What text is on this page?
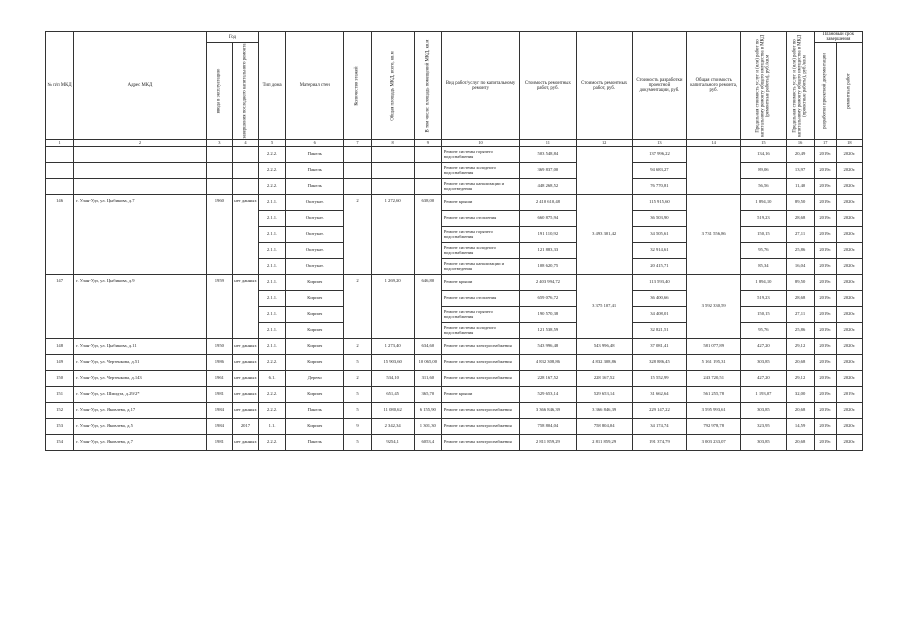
№ п/п МКД	Адрес МКД	Год		Тип дома	Материал стен	Количество этажей	Общая площадь МКД, всего, кв.м	В том числе: площадь помещений МКД, кв.м	Вид работ/услуг по капитальному ремонту	Стоимость ремонтных работ, руб.	Стоимость ремонтных работ, руб.	Стоимость разработки проектной документации, руб.	Общая стоимость капитального ремонта, руб.	Предельная стоимость услуг и (или) работ по капитальному ремонту общего имущества в МКД (ремонтные работы), руб./кв.м	Предельная стоимость услуг и (или) работ по капитальному ремонту общего имущества в МКД (проектные работы), руб./кв.м	Плановый срок завершения	

		ввода в эксплуатацию	завершения последнего капитального ремонта													разработки проектной документации	ремонтных работ

1	2	3	4	5	6	7	8	9	10	11	12	13	14	15	16	17	18
				2.2.2.	Панель				Ремонт системы горячего водоснабжения	503 548,84		137 996,22		134,16	20,49	2019г.	2020г.
				2.2.2.	Панель				Ремонт системы холодного водоснабжения	369 837,00		94 683,27		89,06	13,97	2019г.	2020г.
				2.2.2.	Панель				Ремонт системы канализации и водоотведения	448 268,52		76 770,81		56,56	11,40	2019г.	2020г.
146	г. Улан-Удэ, ул. Цыбикова, д.7	1960	нет данных	2.1.1.	Оштукат.	2	1 272,60	638,00	Ремонт крыши	2 410 610,48	3 493 301,42	115 915,60	3 731 556,86	1 894,10	89,50	2019г.	2020г.
				2.1.1.	Оштукат.				Ремонт системы отопления	660 875,94		36 503,90		519,23	28,68	2019г.	2020г.
				2.1.1.	Оштукат.				Ремонт системы горячего водоснабжения	191 110,92		34 505,61		150,15	27,11	2019г.	2020г.
				2.1.1.	Оштукат.				Ремонт системы холодного водоснабжения	121 883,33		32 914,61		95,76	25,86	2019г.	2020г.
				2.1.1.	Оштукат.				Ремонт системы канализации и водоотведения	108 620,75		20 415,71		85,34	16,04	2019г.	2020г.
147	г. Улан-Удэ, ул. Цыбикова, д.9	1959	нет данных	2.1.1.	Кирпич	2	1 269,20	646,80	Ремонт крыши	2 403 994,72	3 375 107,41	113 593,40	3 592 330,59	1 894,10	89,50	2019г.	2020г.
				2.1.1.	Кирпич				Ремонт системы отопления	659 076,72		36 400,66		519,23	28,68	2019г.	2020г.
				2.1.1.	Кирпич				Ремонт системы горячего водоснабжения	190 570,38		34 408,01		150,15	27,11	2019г.	2020г.
				2.1.1.	Кирпич				Ремонт системы холодного водоснабжения	121 538,59		32 821,51		95,76	25,86	2019г.	2020г.
148	г. Улан-Удэ, ул. Цыбикова, д.11	1950	нет данных	2.1.1.	Кирпич	2	1 273,40	634,60	Ремонт системы электроснабжения	543 996,48	543 996,48	37 081,41	581 077,89	427,20	29,12	2019г.	2020г.
149	г. Улан-Удэ, ул. Чертенкова, д.51	1986	нет данных	2.2.2.	Кирпич	5	15 903,60	10 065,00	Ремонт системы электроснабжения	4 832 308,86	4 832 308,86	328 886,45	5 161 195,31	303,85	20,68	2019г.	2020г.
150	г. Улан-Удэ, ул. Чертенкова, д.143	1961	нет данных	6.1.	Дерево	2	534,10	311,60	Ремонт системы электроснабжения	228 167,52	228 167,52	15 552,99	243 720,51	427,20	29,12	2019г.	2020г.
151	г. Улан-Удэ, ул. Шмидта, д.29/2*	1981	нет данных	2.2.2.	Кирпич	5	651,45	365,70	Ремонт крыши	529 653,14	529 653,14	31 662,64	561 255,78	1 193,07	32,00	2019г.	2019г.
152	г. Улан-Удэ, ул. Яковлева, д.17	1984	нет данных	2.2.2.	Панель	5	11 080,62	6 155,90	Ремонт системы электроснабжения	3 366 846,39	3 366 846,39	229 147,22	3 595 993,61	303,85	20,68	2019г.	2020г.
153	г. Улан-Удэ, ул. Яковлева, д.5	1984	2017	1.1.	Кирпич	9	2 342,34	1 301,30	Ремонт системы электроснабжения	758 804,04	758 804,04	34 174,74	792 978,78	323,95	14,59	2019г.	2020г.
154	г. Улан-Удэ, ул. Яковлева, д.7	1981	нет данных	2.2.2.	Панель	5	9254,1	6053,4	Ремонт системы электроснабжения	2 811 859,29	2 811 859,29	191 374,79	3 003 233,07	303,85	20,68	2019г.	2020г.
